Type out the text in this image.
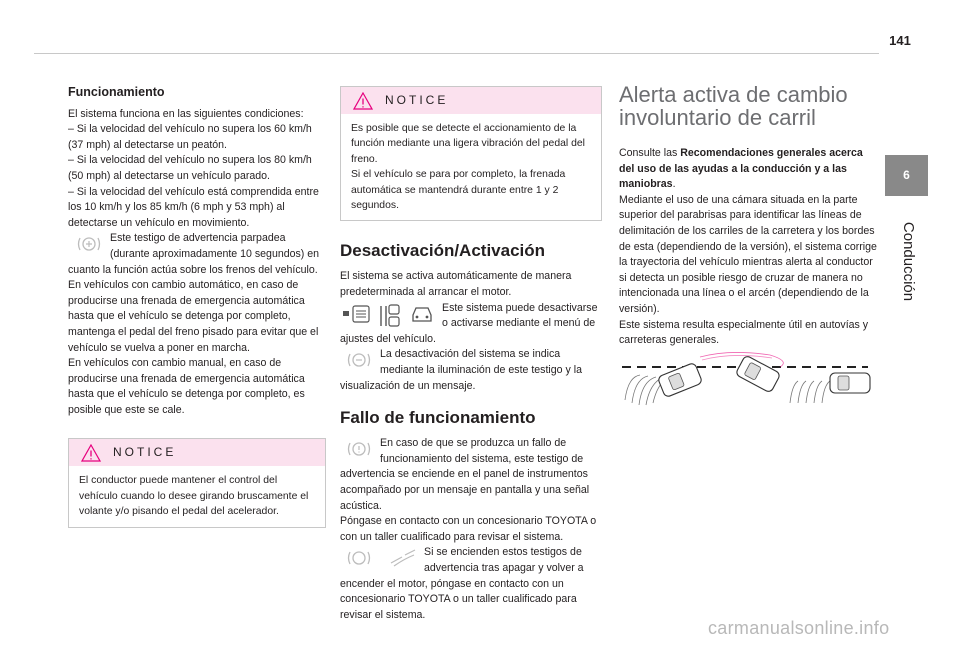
141
6
Conducción
Funcionamiento

El sistema funciona en las siguientes condiciones:

– Si la velocidad del vehículo no supera los 60 km/h (37 mph) al detectarse un peatón.

– Si la velocidad del vehículo no supera los 80 km/h (50 mph) al detectarse un vehículo parado.

– Si la velocidad del vehículo está comprendida entre los 10 km/h y los 85 km/h (6 mph y 53 mph) al detectarse un vehículo en movimiento.

Este testigo de advertencia parpadea (durante aproximadamente 10 segundos) en cuanto la función actúa sobre los frenos del vehículo.

En vehículos con cambio automático, en caso de producirse una frenada de emergencia automática hasta que el vehículo se detenga por completo, mantenga el pedal del freno pisado para evitar que el vehículo se vuelva a poner en marcha.

En vehículos con cambio manual, en caso de producirse una frenada de emergencia automática hasta que el vehículo se detenga por completo, es posible que este se cale.

NOTICE
El conductor puede mantener el control del vehículo cuando lo desee girando bruscamente el volante y/o pisando el pedal del acelerador.
NOTICE

Es posible que se detecte el accionamiento de la función mediante una ligera vibración del pedal del freno.

Si el vehículo se para por completo, la frenada automática se mantendrá durante entre 1 y 2 segundos.

Desactivación/Activación

El sistema se activa automáticamente de manera predeterminada al arrancar el motor.

Este sistema puede desactivarse o activarse mediante el menú de ajustes del vehículo.

La desactivación del sistema se indica mediante la iluminación de este testigo y la visualización de un mensaje.

Fallo de funcionamiento

En caso de que se produzca un fallo de funcionamiento del sistema, este testigo de advertencia se enciende en el panel de instrumentos acompañado por un mensaje en pantalla y una señal acústica.

Póngase en contacto con un concesionario TOYOTA o con un taller cualificado para revisar el sistema.

Si se encienden estos testigos de advertencia tras apagar y volver a encender el motor, póngase en contacto con un concesionario TOYOTA o un taller cualificado para revisar el sistema.

Alerta activa de cambio involuntario de carril

Consulte las Recomendaciones generales acerca del uso de las ayudas a la conducción y a las maniobras.

Mediante el uso de una cámara situada en la parte superior del parabrisas para identificar las líneas de delimitación de los carriles de la carretera y los bordes de esta (dependiendo de la versión), el sistema corrige la trayectoria del vehículo mientras alerta al conductor si detecta un posible riesgo de cruzar de manera no intencionada una línea o el arcén (dependiendo de la versión).

Este sistema resulta especialmente útil en autovías y carreteras generales.

carmanualsonline.info
